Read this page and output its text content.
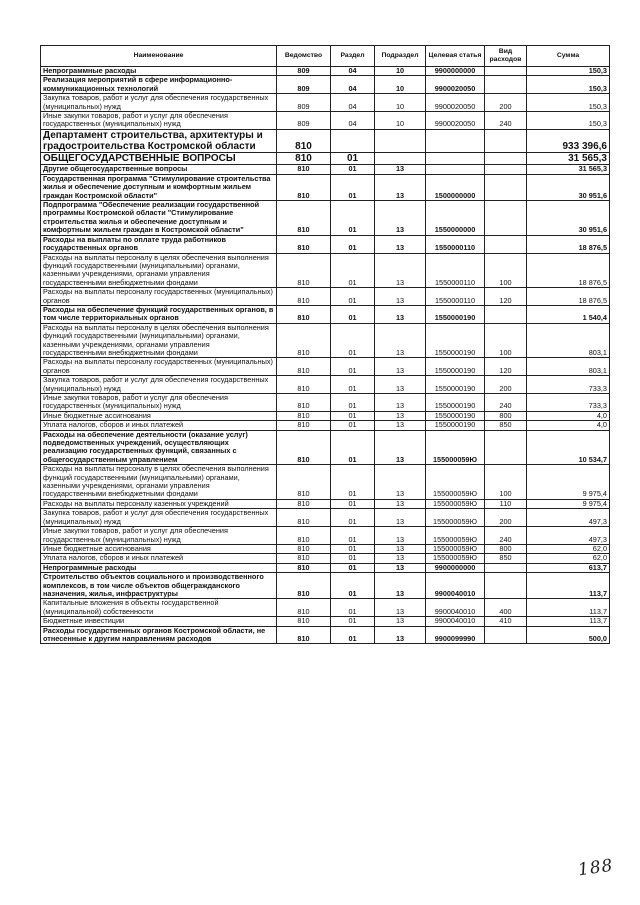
Наименование	Ведомство	Раздел	Подраздел	Целевая статья	Вид расходов	Сумма
Непрограммные расходы	809	04	10	9900000000		150,3
Реализация мероприятий в сфере информационно-коммуникационных технологий	809	04	10	9900020050		150,3
Закупка товаров, работ и услуг для обеспечения государственных (муниципальных) нужд	809	04	10	9900020050	200	150,3
Иные закупки товаров, работ и услуг для обеспечения государственных (муниципальных) нужд	809	04	10	9900020050	240	150,3
Департамент строительства, архитектуры и градостроительства Костромской области	810					933 396,6
ОБЩЕГОСУДАРСТВЕННЫЕ ВОПРОСЫ	810	01				31 565,3
Другие общегосударственные вопросы	810	01	13			31 565,3
Государственная программа "Стимулирование строительства жилья и обеспечение доступным и комфортным жильем граждан Костромской области"	810	01	13	1500000000		30 951,6
Подпрограмма "Обеспечение реализации государственной программы Костромской области "Стимулирование строительства жилья и обеспечение доступным и комфортным жильем граждан в Костромской области"	810	01	13	1550000000		30 951,6
Расходы на выплаты по оплате труда работников государственных органов	810	01	13	1550000110		18 876,5
Расходы на выплаты персоналу в целях обеспечения выполнения функций государственными (муниципальными) органами, казенными учреждениями, органами управления государственными внебюджетными фондами	810	01	13	1550000110	100	18 876,5
Расходы на выплаты персоналу государственных (муниципальных) органов	810	01	13	1550000110	120	18 876,5
Расходы на обеспечение функций государственных органов, в том числе территориальных органов	810	01	13	1550000190		1 540,4
Расходы на выплаты персоналу в целях обеспечения выполнения функций государственными (муниципальными) органами, казенными учреждениями, органами управления государственными внебюджетными фондами	810	01	13	1550000190	100	803,1
Расходы на выплаты персоналу государственных (муниципальных) органов	810	01	13	1550000190	120	803,1
Закупка товаров, работ и услуг для обеспечения государственных (муниципальных) нужд	810	01	13	1550000190	200	733,3
Иные закупки товаров, работ и услуг для обеспечения государственных (муниципальных) нужд	810	01	13	1550000190	240	733,3
Иные бюджетные ассигнования	810	01	13	1550000190	800	4,0
Уплата налогов, сборов и иных платежей	810	01	13	1550000190	850	4,0
Расходы на обеспечение деятельности (оказание услуг) подведомственных учреждений, осуществляющих реализацию государственных функций, связанных с общегосударственным управлением	810	01	13	155000059Ю		10 534,7
Расходы на выплаты персоналу в целях обеспечения выполнения функций государственными (муниципальными) органами, казенными учреждениями, органами управления государственными внебюджетными фондами	810	01	13	155000059Ю	100	9 975,4
Расходы на выплаты персоналу казенных учреждений	810	01	13	155000059Ю	110	9 975,4
Закупка товаров, работ и услуг для обеспечения государственных (муниципальных) нужд	810	01	13	155000059Ю	200	497,3
Иные закупки товаров, работ и услуг для обеспечения государственных (муниципальных) нужд	810	01	13	155000059Ю	240	497,3
Иные бюджетные ассигнования	810	01	13	155000059Ю	800	62,0
Уплата налогов, сборов и иных платежей	810	01	13	155000059Ю	850	62,0
Непрограммные расходы	810	01	13	9900000000		613,7
Строительство объектов социального и производственного комплексов, в том числе объектов общегражданского назначения, жилья, инфраструктуры	810	01	13	9900040010		113,7
Капитальные вложения в объекты государственной (муниципальной) собственности	810	01	13	9900040010	400	113,7
Бюджетные инвестиции	810	01	13	9900040010	410	113,7
Расходы государственных органов Костромской области, не отнесенные к другим направлениям расходов	810	01	13	9900099990		500,0
188
